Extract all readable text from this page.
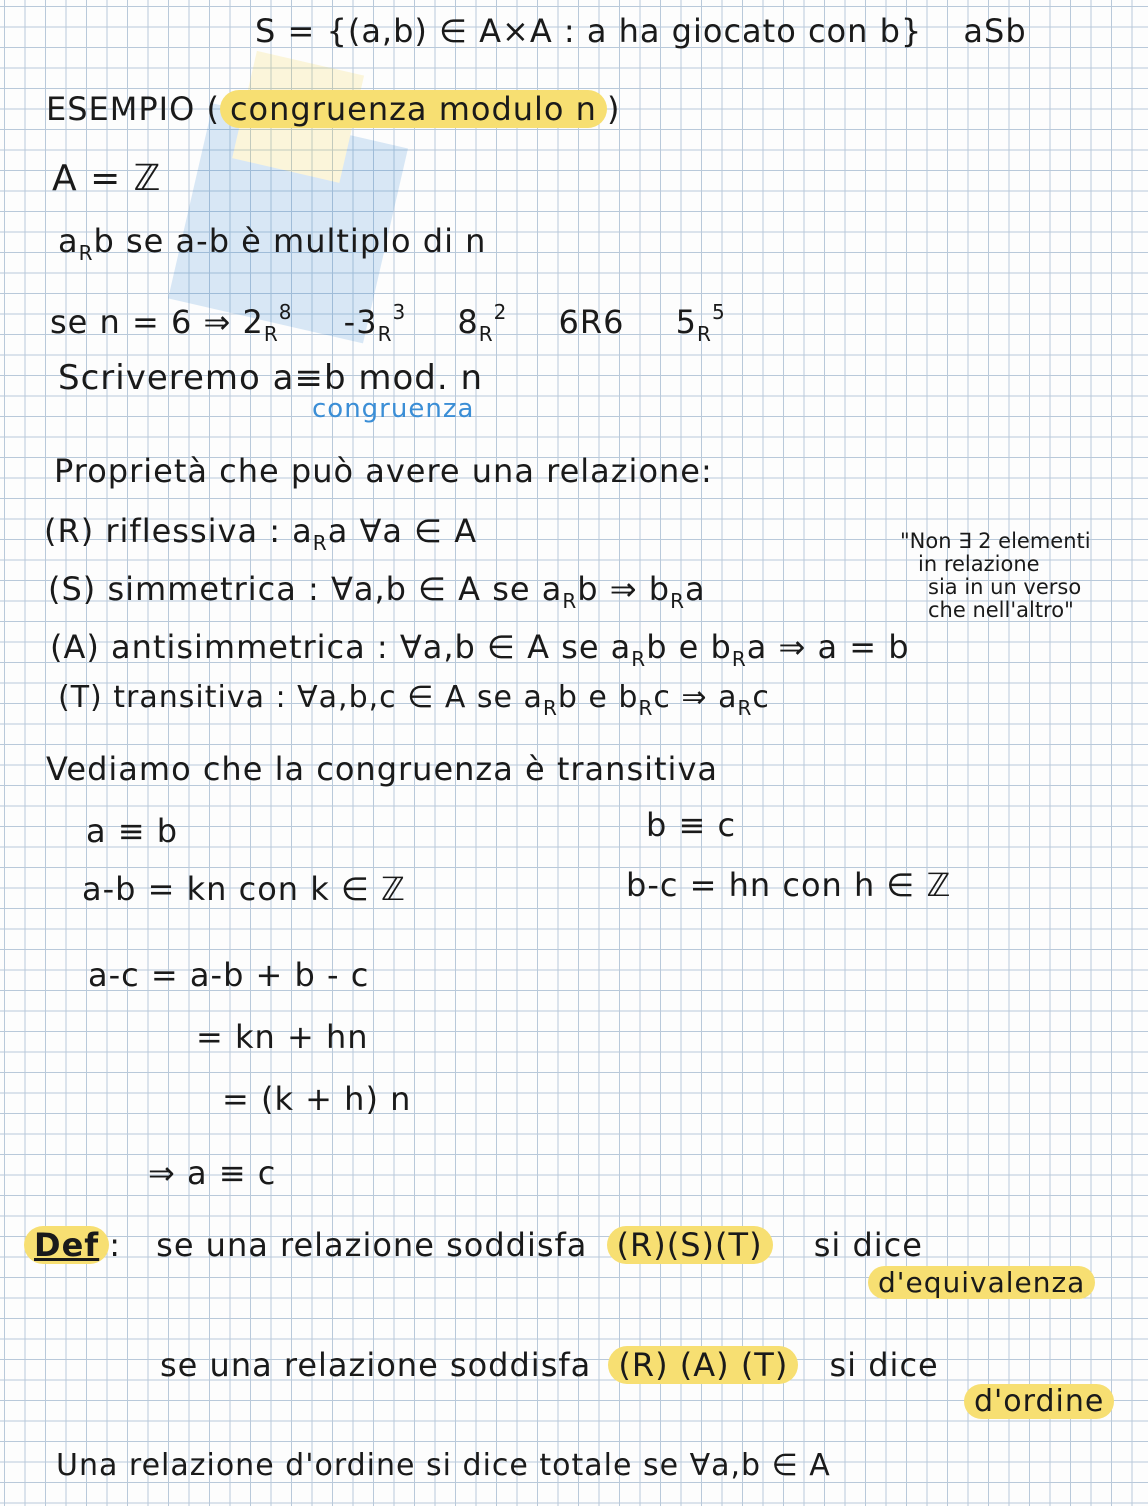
S = {(a,b) ∈ A×A : a ha giocato con b} aSb
ESEMPIO ( congruenza modulo n )
A = ℤ
aRb se a-b è multiplo di n
se n = 6 ⇒ 2R8 -3R3 8R2 6R6 5R5
Scriveremo a≡b mod. n
congruenza
Proprietà che può avere una relazione:
(R) riflessiva : aRa ∀a ∈ A
(S) simmetrica : ∀a,b ∈ A se aRb ⇒ bRa
"Non ∃ 2 elementi
in relazione
sia in un verso
che nell'altro"
(A) antisimmetrica : ∀a,b ∈ A se aRb e bRa ⇒ a = b
(T) transitiva : ∀a,b,c ∈ A se aRb e bRc ⇒ aRc
Vediamo che la congruenza è transitiva
a ≡ b	b ≡ c
a-b = kn con k ∈ ℤ	b-c = hn con h ∈ ℤ
a-c = a-b + b - c
= kn + hn
= (k + h) n
⇒ a ≡ c
Def : se una relazione soddisfa (R)(S)(T) si dice
d'equivalenza
se una relazione soddisfa (R) (A) (T) si dice
d'ordine
Una relazione d'ordine si dice totale se ∀a,b ∈ A
